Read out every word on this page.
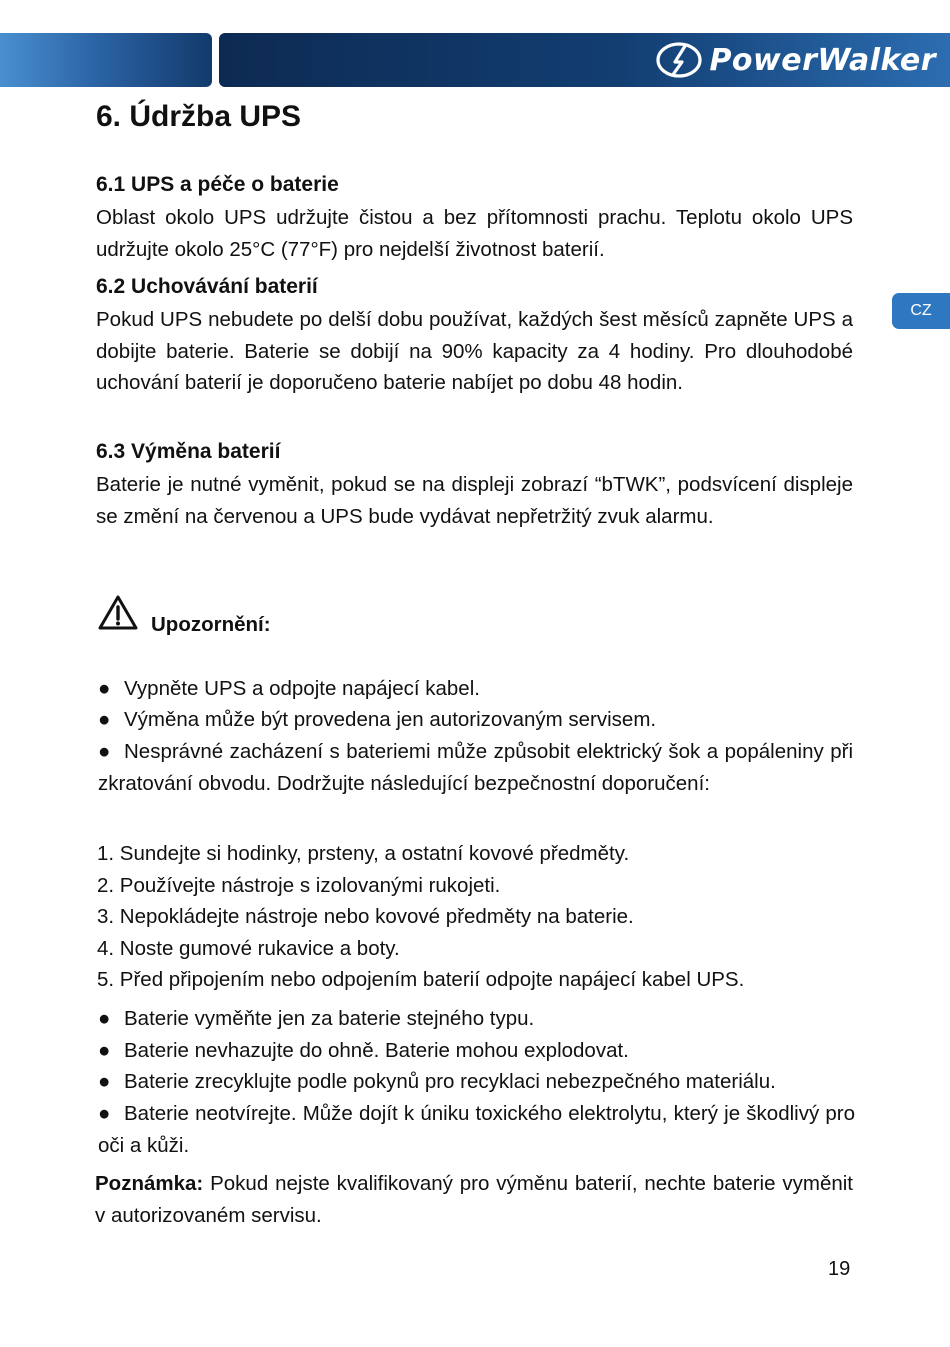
PowerWalker
CZ
6. Údržba UPS
6.1 UPS a péče o baterie

Oblast okolo UPS udržujte čistou a bez přítomnosti prachu. Teplotu okolo UPS udržujte okolo 25°C (77°F) pro nejdelší životnost baterií.

6.2 Uchovávání baterií

Pokud UPS nebudete po delší dobu používat, každých šest měsíců zapněte UPS a dobijte baterie. Baterie se dobijí na 90% kapacity za 4 hodiny. Pro dlouhodobé uchování baterií je doporučeno baterie nabíjet po dobu 48 hodin.

6.3 Výměna baterií

Baterie je nutné vyměnit, pokud se na displeji zobrazí “bTWK”, podsvícení displeje se změní na červenou a UPS bude vydávat nepřetržitý zvuk alarmu.

Upozornění:

● Vypněte UPS a odpojte napájecí kabel.

● Výměna může být provedena jen autorizovaným servisem.

● Nesprávné zacházení s bateriemi může způsobit elektrický šok a popáleniny při zkratování obvodu. Dodržujte následující bezpečnostní doporučení:

1. Sundejte si hodinky, prsteny, a ostatní kovové předměty.

2. Používejte nástroje s izolovanými rukojeti.

3. Nepokládejte nástroje nebo kovové předměty na baterie.

4. Noste gumové rukavice a boty.

5. Před připojením nebo odpojením baterií odpojte napájecí kabel UPS.

● Baterie vyměňte jen za baterie stejného typu.

● Baterie nevhazujte do ohně. Baterie mohou explodovat.

● Baterie zrecyklujte podle pokynů pro recyklaci nebezpečného materiálu.

● Baterie neotvírejte. Může dojít k úniku toxického elektrolytu, který je škodlivý pro oči a kůži.

Poznámka: Pokud nejste kvalifikovaný pro výměnu baterií, nechte baterie vyměnit v autorizovaném servisu.

19
